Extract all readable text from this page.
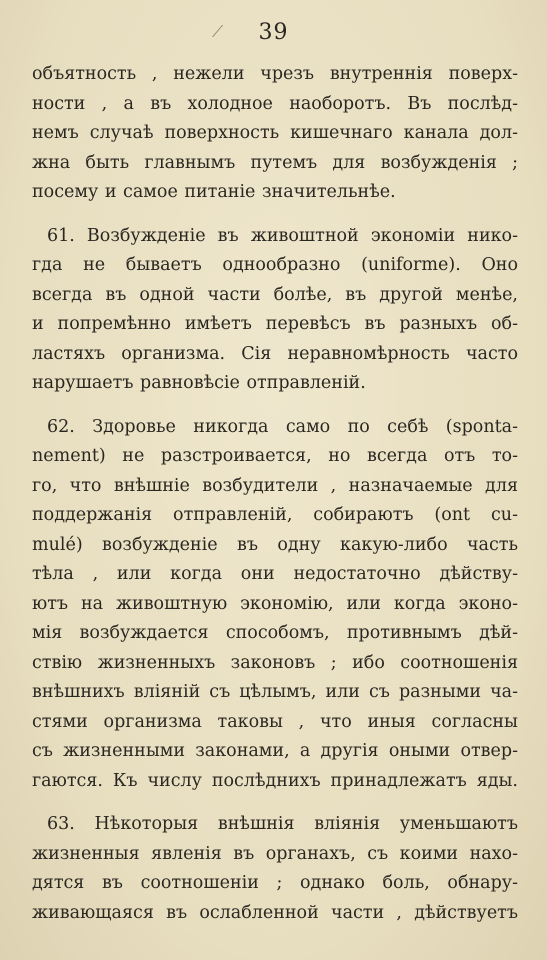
⟋	39
объятность , нежели чрезъ внутреннія поверх-
ности , а въ холодное наоборотъ. Въ послѣд-
немъ случаѣ поверхность кишечнаго канала дол-
жна быть главнымъ путемъ для возбужденія ;
посему и самое питаніе значительнѣе.
61. Возбужденіе въ живоштной экономіи нико-
гда не бываетъ однообразно (uniforme). Оно
всегда въ одной части болѣе, въ другой менѣе,
и попремѣнно имѣетъ перевѣсъ въ разныхъ об-
ластяхъ организма. Сія неравномѣрность часто
нарушаетъ равновѣсіе отправленій.
62. Здоровье никогда само по себѣ (sponta-
nement) не разстроивается, но всегда отъ то-
го, что внѣшніе возбудители , назначаемые для
поддержанія отправленій, собираютъ (ont cu-
mulé) возбужденіе въ одну какую-либо часть
тѣла , или когда они недостаточно дѣйству-
ютъ на живоштную экономію, или когда эконо-
мія возбуждается способомъ, противнымъ дѣй-
ствію жизненныхъ законовъ ; ибо соотношенія
внѣшнихъ вліяній съ цѣлымъ, или съ разными ча-
стями организма таковы , что иныя согласны
съ жизненными законами, а другія оными отвер-
гаются. Къ числу послѣднихъ принадлежатъ яды.
63. Нѣкоторыя внѣшнія вліянія уменьшаютъ
жизненныя явленія въ органахъ, съ коими нахо-
дятся въ соотношеніи ; однако боль, обнару-
живающаяся въ ослабленной части , дѣйствуетъ
